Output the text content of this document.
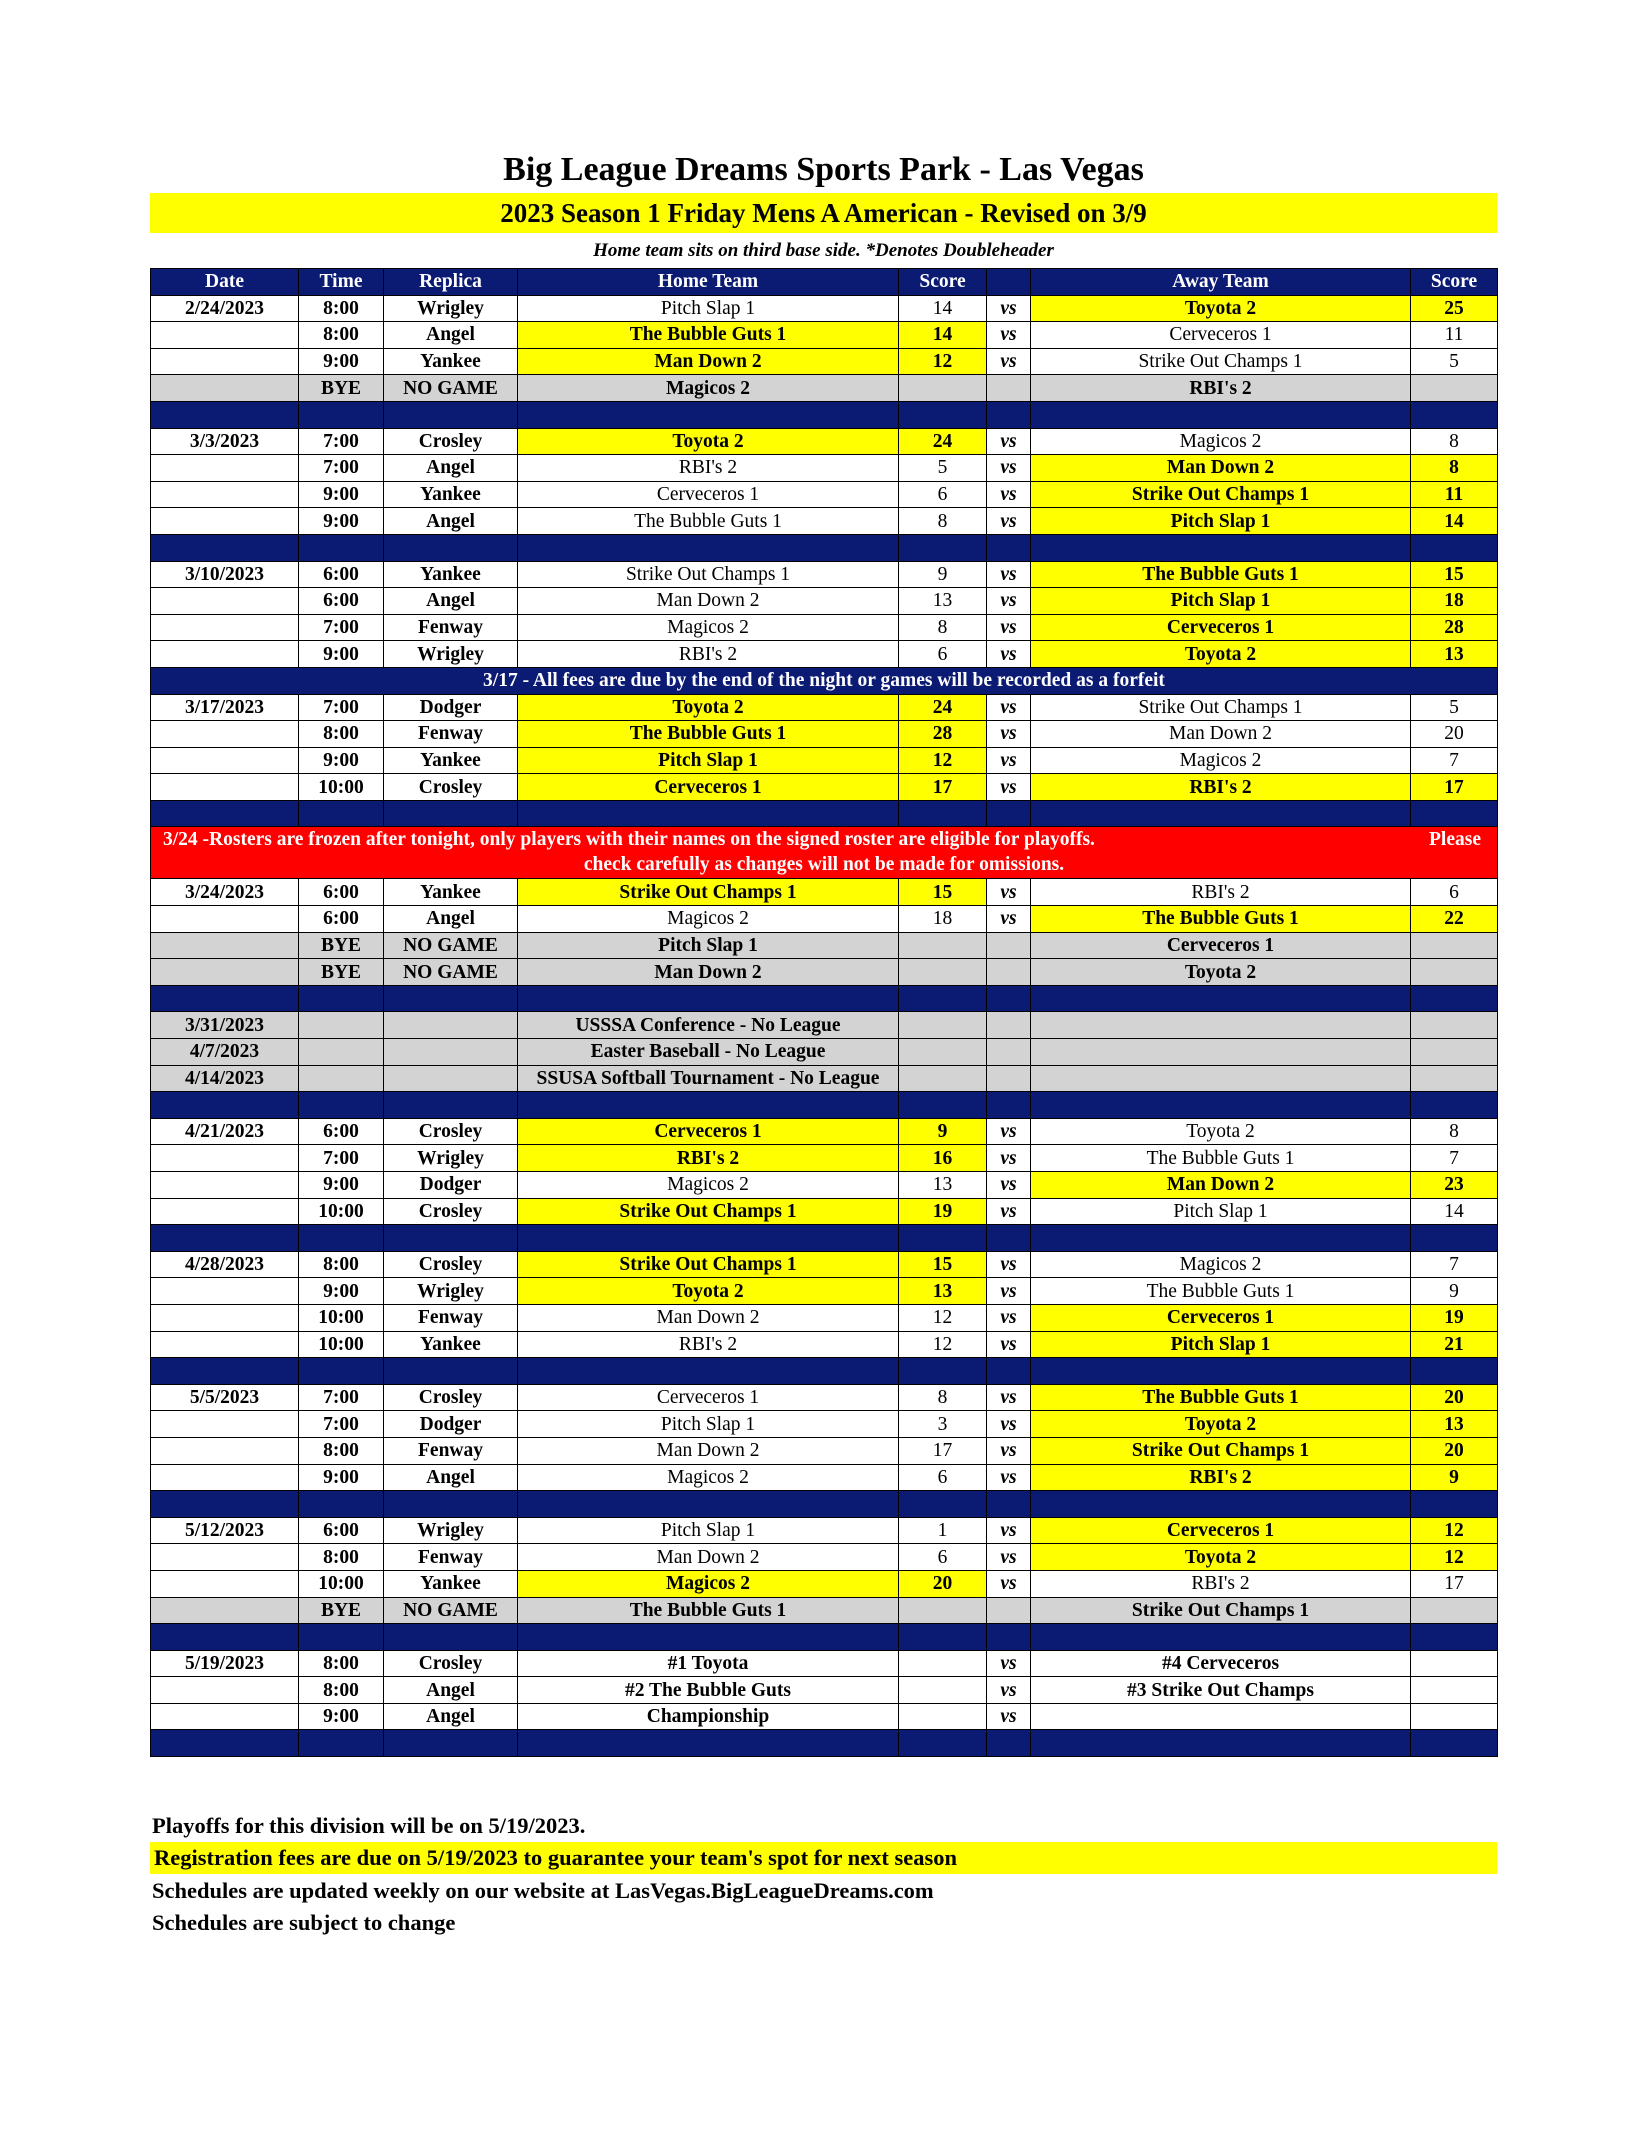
Big League Dreams Sports Park - Las Vegas
2023 Season 1 Friday Mens A American - Revised on 3/9
Home team sits on third base side. *Denotes Doubleheader
Date	Time	Replica	Home Team	Score		Away Team	Score
2/24/2023	8:00	Wrigley	Pitch Slap 1	14	vs	Toyota 2	25
	8:00	Angel	The Bubble Guts 1	14	vs	Cerveceros 1	11
	9:00	Yankee	Man Down 2	12	vs	Strike Out Champs 1	5
	BYE	NO GAME	Magicos 2			RBI's 2	

3/3/2023	7:00	Crosley	Toyota 2	24	vs	Magicos 2	8
	7:00	Angel	RBI's 2	5	vs	Man Down 2	8
	9:00	Yankee	Cerveceros 1	6	vs	Strike Out Champs 1	11
	9:00	Angel	The Bubble Guts 1	8	vs	Pitch Slap 1	14

3/10/2023	6:00	Yankee	Strike Out Champs 1	9	vs	The Bubble Guts 1	15
	6:00	Angel	Man Down 2	13	vs	Pitch Slap 1	18
	7:00	Fenway	Magicos 2	8	vs	Cerveceros 1	28
	9:00	Wrigley	RBI's 2	6	vs	Toyota 2	13
3/17 - All fees are due by the end of the night or games will be recorded as a forfeit							
3/17/2023	7:00	Dodger	Toyota 2	24	vs	Strike Out Champs 1	5
	8:00	Fenway	The Bubble Guts 1	28	vs	Man Down 2	20
	9:00	Yankee	Pitch Slap 1	12	vs	Magicos 2	7
	10:00	Crosley	Cerveceros 1	17	vs	RBI's 2	17

3/24 -Rosters are frozen after tonight, only players with their names on the signed roster are eligible for playoffs. Please
check carefully as changes will not be made for omissions.							

3/24/2023	6:00	Yankee	Strike Out Champs 1	15	vs	RBI's 2	6
	6:00	Angel	Magicos 2	18	vs	The Bubble Guts 1	22
	BYE	NO GAME	Pitch Slap 1			Cerveceros 1	
	BYE	NO GAME	Man Down 2			Toyota 2	

3/31/2023			USSSA Conference - No League				
4/7/2023			Easter Baseball - No League				
4/14/2023			SSUSA Softball Tournament - No League				

4/21/2023	6:00	Crosley	Cerveceros 1	9	vs	Toyota 2	8
	7:00	Wrigley	RBI's 2	16	vs	The Bubble Guts 1	7
	9:00	Dodger	Magicos 2	13	vs	Man Down 2	23
	10:00	Crosley	Strike Out Champs 1	19	vs	Pitch Slap 1	14

4/28/2023	8:00	Crosley	Strike Out Champs 1	15	vs	Magicos 2	7
	9:00	Wrigley	Toyota 2	13	vs	The Bubble Guts 1	9
	10:00	Fenway	Man Down 2	12	vs	Cerveceros 1	19
	10:00	Yankee	RBI's 2	12	vs	Pitch Slap 1	21

5/5/2023	7:00	Crosley	Cerveceros 1	8	vs	The Bubble Guts 1	20
	7:00	Dodger	Pitch Slap 1	3	vs	Toyota 2	13
	8:00	Fenway	Man Down 2	17	vs	Strike Out Champs 1	20
	9:00	Angel	Magicos 2	6	vs	RBI's 2	9

5/12/2023	6:00	Wrigley	Pitch Slap 1	1	vs	Cerveceros 1	12
	8:00	Fenway	Man Down 2	6	vs	Toyota 2	12
	10:00	Yankee	Magicos 2	20	vs	RBI's 2	17
	BYE	NO GAME	The Bubble Guts 1			Strike Out Champs 1	

5/19/2023	8:00	Crosley	#1 Toyota		vs	#4 Cerveceros	
	8:00	Angel	#2 The Bubble Guts		vs	#3 Strike Out Champs	
	9:00	Angel	Championship		vs		

Playoffs for this division will be on 5/19/2023.
Registration fees are due on 5/19/2023 to guarantee your team's spot for next season
Schedules are updated weekly on our website at LasVegas.BigLeagueDreams.com
Schedules are subject to change
